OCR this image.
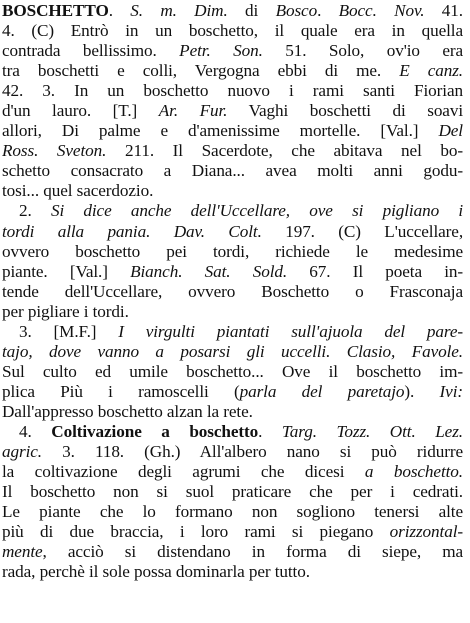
BOSCHETTO. S. m. Dim. di Bosco. Bocc. Nov. 41.
4. (C) Entrò in un boschetto, il quale era in quella
contrada bellissimo. Petr. Son. 51. Solo, ov'io era
tra boschetti e colli, Vergogna ebbi di me. E canz.
42. 3. In un boschetto nuovo i rami santi Fiorian
d'un lauro. [T.] Ar. Fur. Vaghi boschetti di soavi
allori, Di palme e d'amenissime mortelle. [Val.] Del
Ross. Sveton. 211. Il Sacerdote, che abitava nel bo-
schetto consacrato a Diana... avea molti anni godu-
tosi... quel sacerdozio.
2. Si dice anche dell'Uccellare, ove si pigliano i
tordi alla pania. Dav. Colt. 197. (C) L'uccellare,
ovvero boschetto pei tordi, richiede le medesime
piante. [Val.] Bianch. Sat. Sold. 67. Il poeta in-
tende dell'Uccellare, ovvero Boschetto o Frasconaja
per pigliare i tordi.
3. [M.F.] I virgulti piantati sull'ajuola del pare-
tajo, dove vanno a posarsi gli uccelli. Clasio, Favole.
Sul culto ed umile boschetto... Ove il boschetto im-
plica Più i ramoscelli (parla del paretajo). Ivi:
Dall'appresso boschetto alzan la rete.
4. Coltivazione a boschetto. Targ. Tozz. Ott. Lez.
agric. 3. 118. (Gh.) All'albero nano si può ridurre
la coltivazione degli agrumi che dicesi a boschetto.
Il boschetto non si suol praticare che per i cedrati.
Le piante che lo formano non sogliono tenersi alte
più di due braccia, i loro rami si piegano orizzontal-
mente, acciò si distendano in forma di siepe, ma
rada, perchè il sole possa dominarla per tutto.
